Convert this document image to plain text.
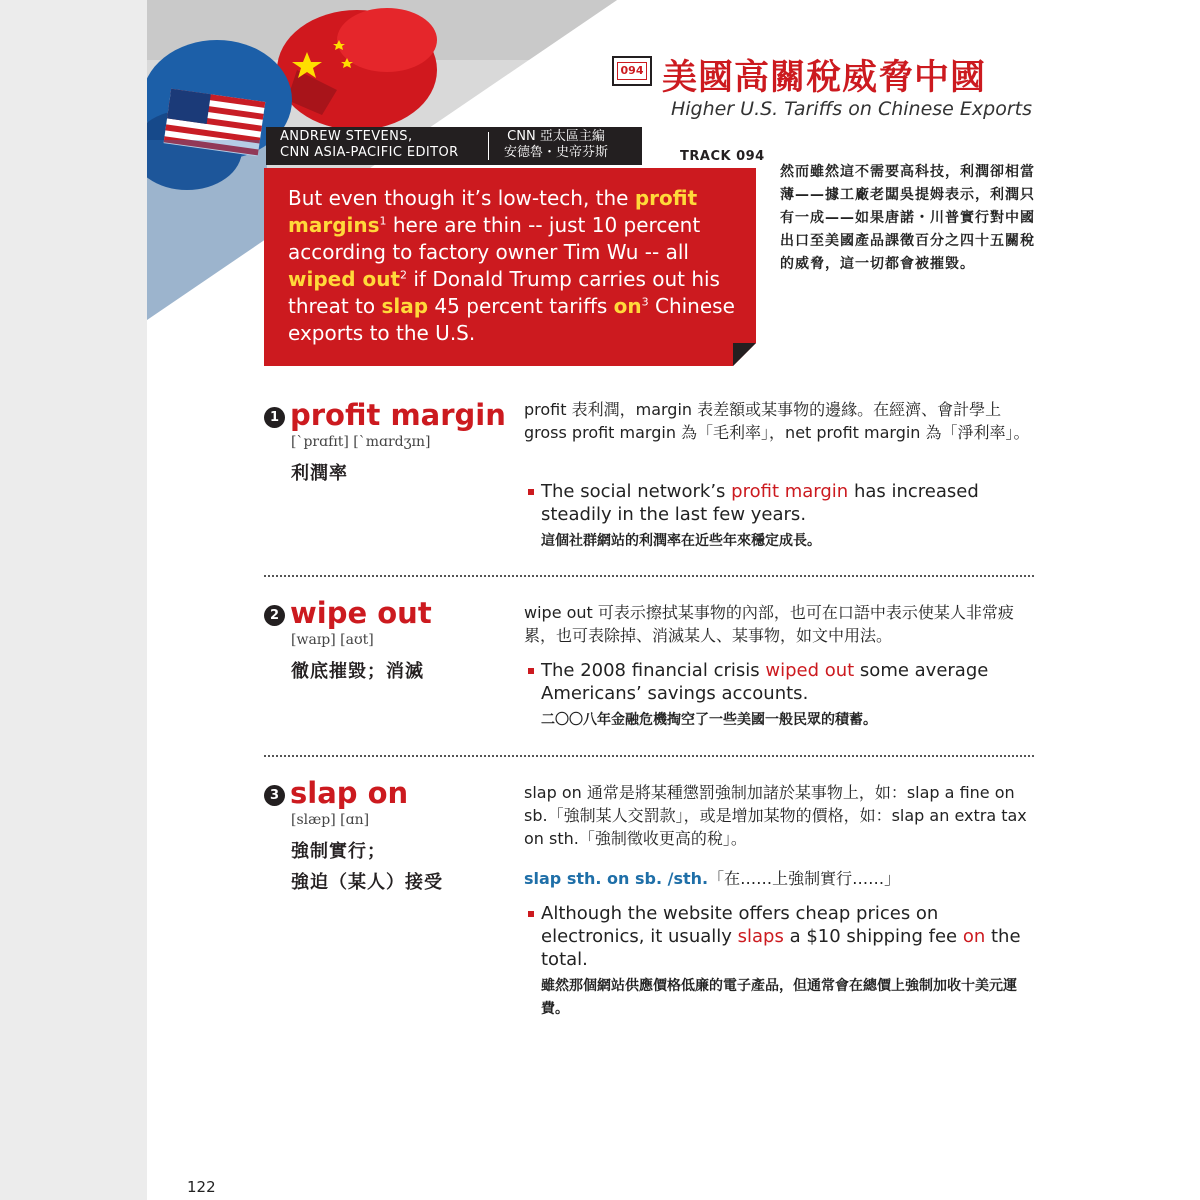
094 美國高關稅威脅中國
Higher U.S. Tariffs on Chinese Exports
ANDREW STEVENS,
CNN ASIA-PACIFIC EDITOR
CNN 亞太區主編
安德魯・史帝芬斯	TRACK 094
But even though it’s low-tech, the profit margins$^1$ here are thin -- just 10 percent according to factory owner Tim Wu -- all wiped out$^2$ if Donald Trump carries out his threat to slap 45 percent tariffs $on^3$ Chinese exports to the U.S.
然而雖然這不需要高科技，利潤卻相當薄——據工廠老闆吳提姆表示，利潤只有一成——如果唐諾・川普實行對中國出口至美國產品課徵百分之四十五關稅的威脅，這一切都會被摧毀。
1 profit margin
[ˋprɑfɪt] [ˋmɑrdʒɪn]
利潤率
profit 表利潤，margin 表差額或某事物的邊緣。在經濟、會計學上 gross profit margin 為「毛利率」，net profit margin 為「淨利率」。
The social network’s profit margin has increased steadily in the last few years.
這個社群網站的利潤率在近些年來穩定成長。
2 wipe out
[waɪp] [aʊt]
徹底摧毀；消滅
wipe out 可表示擦拭某事物的內部，也可在口語中表示使某人非常疲累，也可表除掉、消滅某人、某事物，如文中用法。
The 2008 financial crisis wiped out some average Americans’ savings accounts.
二〇〇八年金融危機掏空了一些美國一般民眾的積蓄。
3 slap on
[slæp] [ɑn]
強制實行；
強迫（某人）接受
slap on 通常是將某種懲罰強制加諸於某事物上，如：slap a fine on sb.「強制某人交罰款」，或是增加某物的價格，如：slap an extra tax on sth.「強制徵收更高的稅」。
slap sth. on sb. /sth.「在……上強制實行……」
Although the website offers cheap prices on electronics, it usually slaps a $10 shipping fee on the total.
雖然那個網站供應價格低廉的電子產品，但通常會在總價上強制加收十美元運費。
122
